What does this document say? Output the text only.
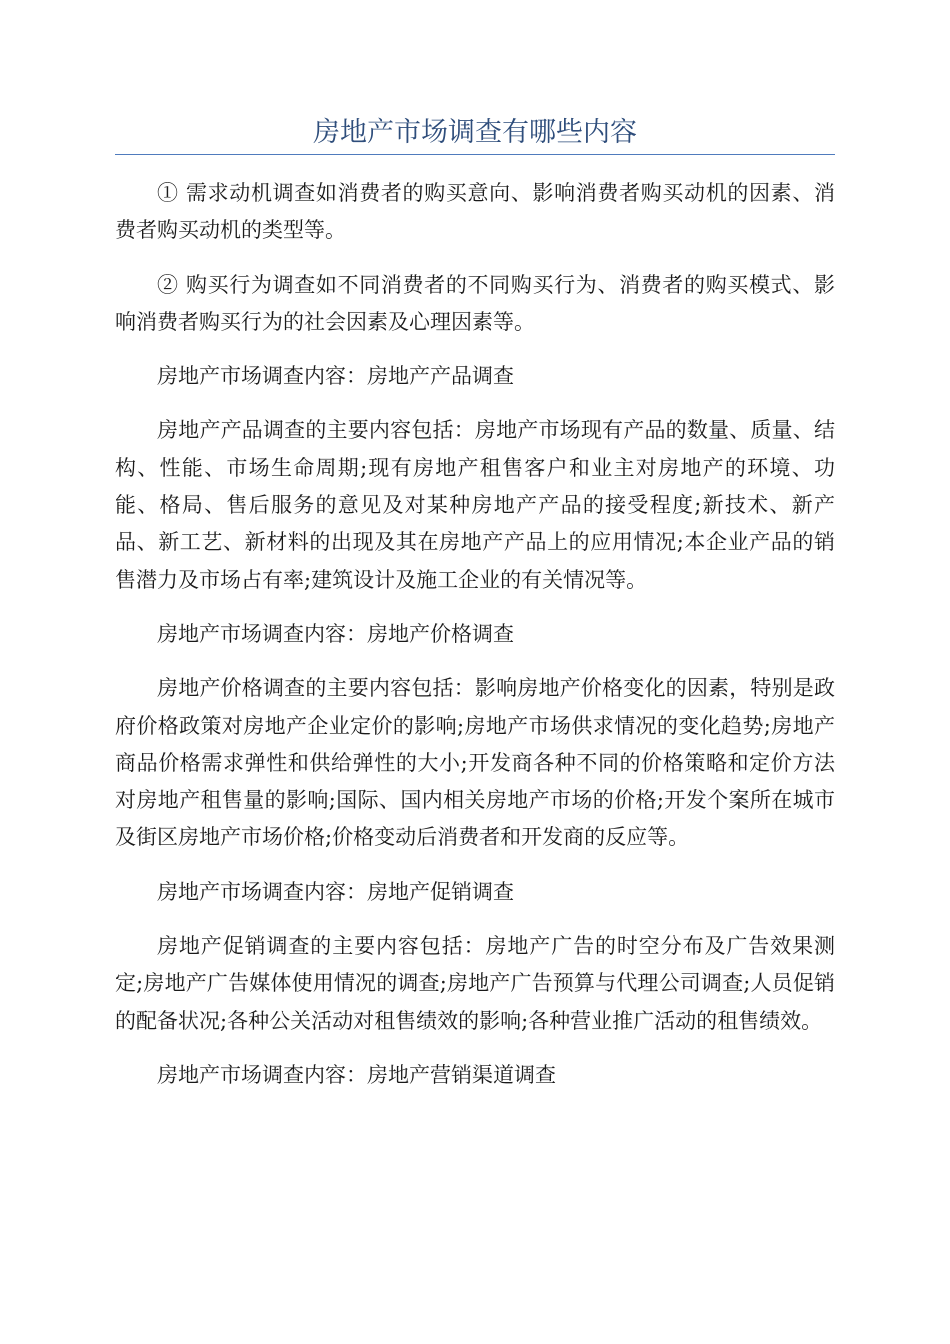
房地产市场调查有哪些内容

① 需求动机调查如消费者的购买意向、影响消费者购买动机的因素、消费者购买动机的类型等。

② 购买行为调查如不同消费者的不同购买行为、消费者的购买模式、影响消费者购买行为的社会因素及心理因素等。

房地产市场调查内容：房地产产品调查

房地产产品调查的主要内容包括：房地产市场现有产品的数量、质量、结构、性能、市场生命周期;现有房地产租售客户和业主对房地产的环境、功能、格局、售后服务的意见及对某种房地产产品的接受程度;新技术、新产品、新工艺、新材料的出现及其在房地产产品上的应用情况;本企业产品的销售潜力及市场占有率;建筑设计及施工企业的有关情况等。

房地产市场调查内容：房地产价格调查

房地产价格调查的主要内容包括：影响房地产价格变化的因素，特别是政府价格政策对房地产企业定价的影响;房地产市场供求情况的变化趋势;房地产商品价格需求弹性和供给弹性的大小;开发商各种不同的价格策略和定价方法对房地产租售量的影响;国际、国内相关房地产市场的价格;开发个案所在城市及街区房地产市场价格;价格变动后消费者和开发商的反应等。

房地产市场调查内容：房地产促销调查

房地产促销调查的主要内容包括：房地产广告的时空分布及广告效果测定;房地产广告媒体使用情况的调查;房地产广告预算与代理公司调查;人员促销的配备状况;各种公关活动对租售绩效的影响;各种营业推广活动的租售绩效。

房地产市场调查内容：房地产营销渠道调查
